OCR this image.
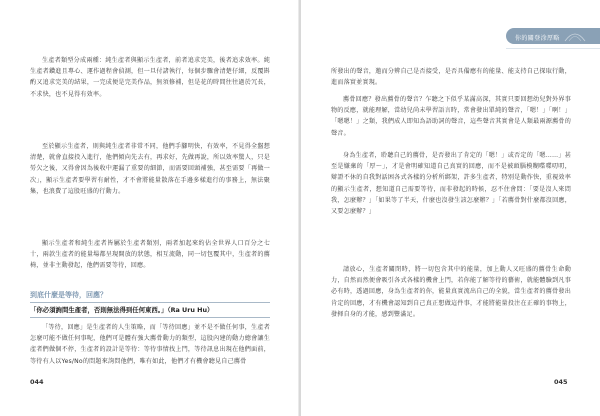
生產者類型分成兩種：純生產者與顯示生產者，前者追求完美，後者追求效率。純生產者鑽進且專心、運作過程會偵測，但一旦付諸執行，每個步驟會清楚仔細，反覆斟酌又追求完美的結果，一完成便是完美作品，無須修補，但是花的時間往往過於冗長，不求快，也不見得有效率。

至於顯示生產者，則與純生產者非常不同，他們手腳明快，有效率，不見得全盤想清楚，就會直接投入進行，他們傾向先去有，再求好，先做再說，所以效率驚人，只是勞欠之後，又得會因為後收中運漏了重要的細節，而需要回頭補強，甚至需要「再做一次」，顯示生產者要學習有耐性，才不會將能量散落在手邊多樣進行的事務上，無法聚集，也浪費了這股旺盛的行動力。

顯示生產者和純生產者皆屬於生產者類別，兩者加起來約佔全世界人口百分之七十，兩款生產者的能量場都呈現開放的狀態，相互流動，同一切包覆其中，生產者的薦椅，並非主動發起，他們需要等待，回應。

到底什麼是等待，回應？
「你必須詢問生產者，否則無法得到任何東西。」（Ra Uru Hu）

「等待，回應」是生產者的人生策略，而「等待回應」並不是不做任何事，生產者怎麼可能不做任何事呢，他們可是體有強大薦骨動力的類型，這股內建的動力總會讓生產者們做個不停，生產者的設計是等待：等待事情找上門，等待訊息出現在他們面前，等待有人以Yes/No的問題來詢問他們，唯有如此，他們才有機會聽見自己薦骨

044
你的關登涂厚略

所發出的聲音，邀而分辨自己是否接受，是否具備應有的能量、能支持自己探取行動，進而落實並實現。

薦骨回應？發出薦骨的聲音？乍聽之下似乎某滿高深，其實只要回想幼兒對外界事物的反應，就能理解，當幼兒尚未學習語言時，常會發出單純的聲音，「嗯！」「啊！」「嗯嗯！」之類，我們成人即知為語助詞的聲音，這些聲音其實會是人類最兩源薦骨的聲音。

身為生產者，聆聽自己的薦骨，是否發出了肯定的「嗯！」或否定的「嗯……」甚至是嫌棄的「厚～」，才是會明確知道自己真實的回應，而不是被頭腦模糊喋喋叨叨，辯證不休的自我對話困各式各樣的分析所綁架，許多生產者，特別是動作快，重視效率的顯示生產者，想知道自己需要等待，而非發起的時候，忍不住會問：「要是沒人來問我，怎麼辦？」「如果等了半天，什麼也沒發生該怎麼辦？」「若薦骨對什麼都沒回應，又要怎麼辦？」

請放心，生產者關閉時，將一切包含其中的能量，加上動人又旺盛的薦骨生命動力，自然而然便會吸引各式各樣的機會上門，若你能了解等待的藝術，就能體驗到凡事必有時，透過回應，身為生產者的你，能量真實流出自己的全貌，當生產者的薦骨發出肯定的回應，才有機會認知到自己真正想做這件事，才能將能量投注在正確的事物上，發揮自身的才能，感到豐滿足。

045
